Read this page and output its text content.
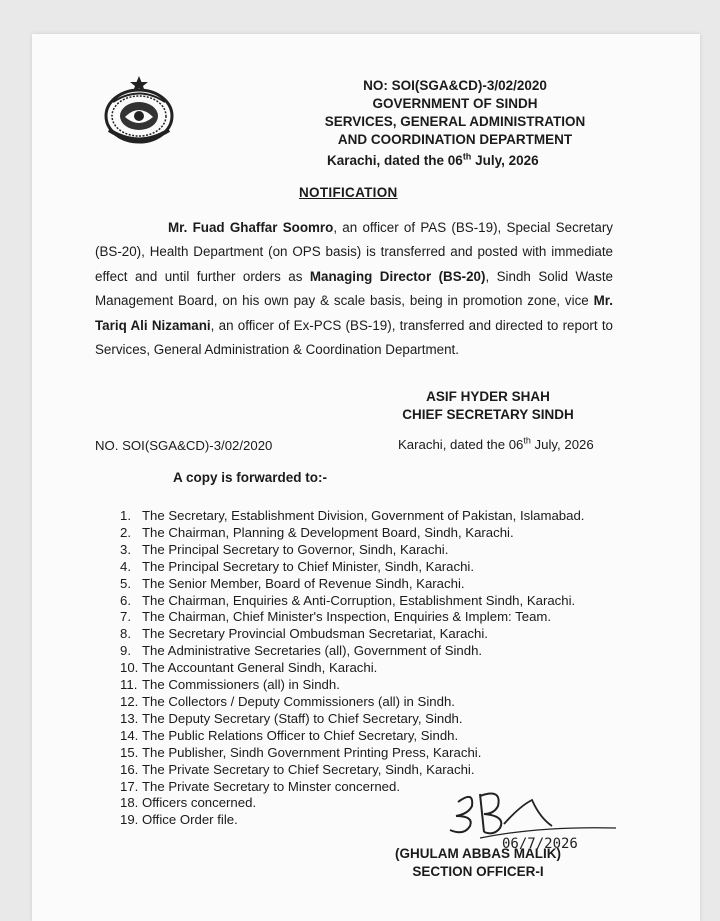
NO: SOI(SGA&CD)-3/02/2020
GOVERNMENT OF SINDH
SERVICES, GENERAL ADMINISTRATION
AND COORDINATION DEPARTMENT
Karachi, dated the 06th July, 2026
NOTIFICATION
Mr. Fuad Ghaffar Soomro, an officer of PAS (BS-19), Special Secretary (BS-20), Health Department (on OPS basis) is transferred and posted with immediate effect and until further orders as Managing Director (BS-20), Sindh Solid Waste Management Board, on his own pay & scale basis, being in promotion zone, vice Mr. Tariq Ali Nizamani, an officer of Ex-PCS (BS-19), transferred and directed to report to Services, General Administration & Coordination Department.
ASIF HYDER SHAH
CHIEF SECRETARY SINDH
NO. SOI(SGA&CD)-3/02/2020	Karachi, dated the 06th July, 2026
A copy is forwarded to:-
1. The Secretary, Establishment Division, Government of Pakistan, Islamabad.
2. The Chairman, Planning & Development Board, Sindh, Karachi.
3. The Principal Secretary to Governor, Sindh, Karachi.
4. The Principal Secretary to Chief Minister, Sindh, Karachi.
5. The Senior Member, Board of Revenue Sindh, Karachi.
6. The Chairman, Enquiries & Anti-Corruption, Establishment Sindh, Karachi.
7. The Chairman, Chief Minister's Inspection, Enquiries & Implem: Team.
8. The Secretary Provincial Ombudsman Secretariat, Karachi.
9. The Administrative Secretaries (all), Government of Sindh.
10. The Accountant General Sindh, Karachi.
11. The Commissioners (all) in Sindh.
12. The Collectors / Deputy Commissioners (all) in Sindh.
13. The Deputy Secretary (Staff) to Chief Secretary, Sindh.
14. The Public Relations Officer to Chief Secretary, Sindh.
15. The Publisher, Sindh Government Printing Press, Karachi.
16. The Private Secretary to Chief Secretary, Sindh, Karachi.
17. The Private Secretary to Minster concerned.
18. Officers concerned.
19. Office Order file.
06/7/2026
(GHULAM ABBAS MALIK)
SECTION OFFICER-I
